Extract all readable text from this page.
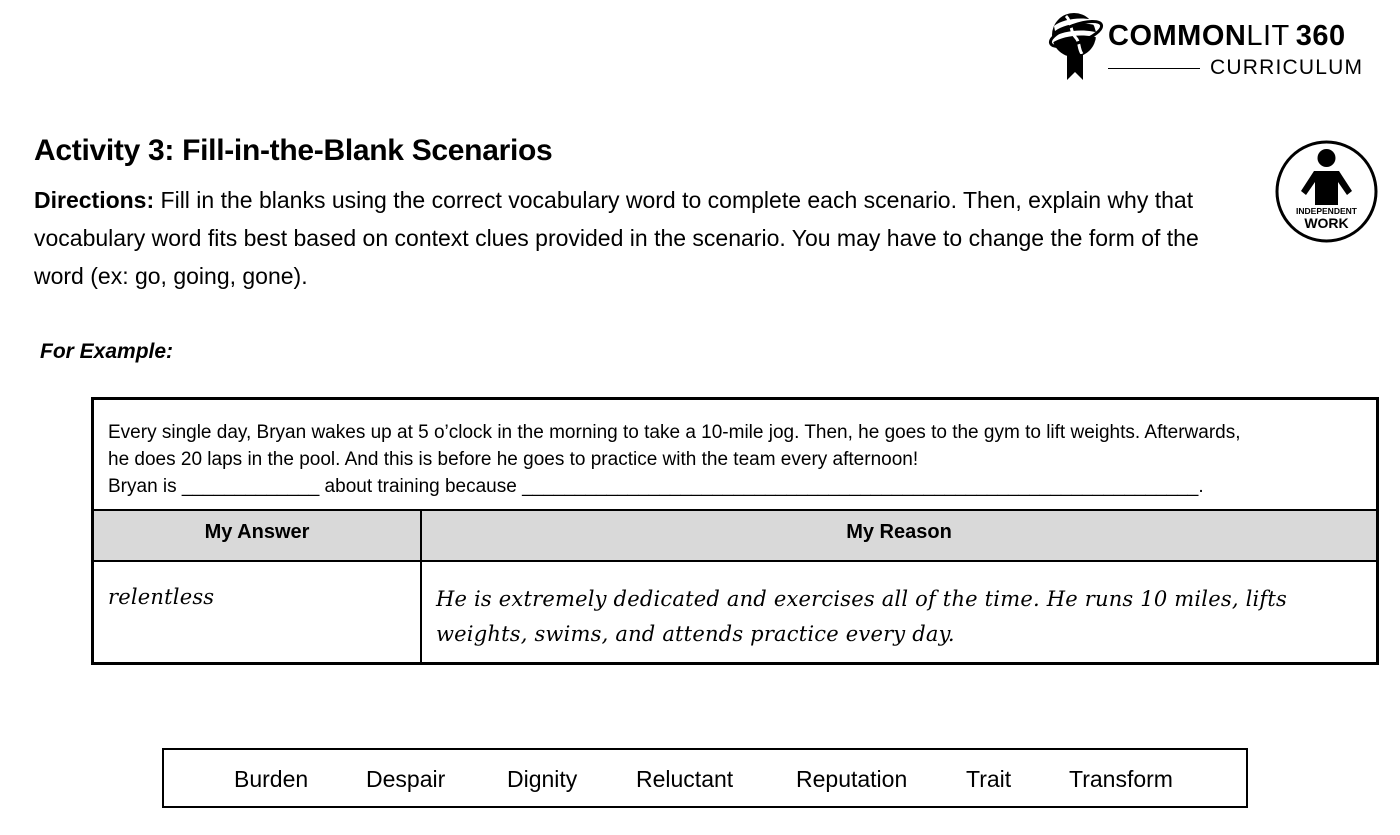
COMMONLIT 360
CURRICULUM
Activity 3: Fill-in-the-Blank Scenarios
Directions: Fill in the blanks using the correct vocabulary word to complete each scenario. Then, explain why that vocabulary word fits best based on context clues provided in the scenario. You may have to change the form of the word (ex: go, going, gone).
INDEPENDENT
WORK
For Example:

Every single day, Bryan wakes up at 5 o’clock in the morning to take a 10-mile jog. Then, he goes to the gym to lift weights. Afterwards,

he does 20 laps in the pool. And this is before he goes to practice with the team every afternoon!

Bryan is _____________ about training because ________________________________________________________________.

My Answer	My Reason
relentless	He is extremely dedicated and exercises all of the time. He runs 10 miles, lifts weights, swims, and attends practice every day.
Burden	Despair	Dignity	Reluctant	Reputation	Trait	Transform
